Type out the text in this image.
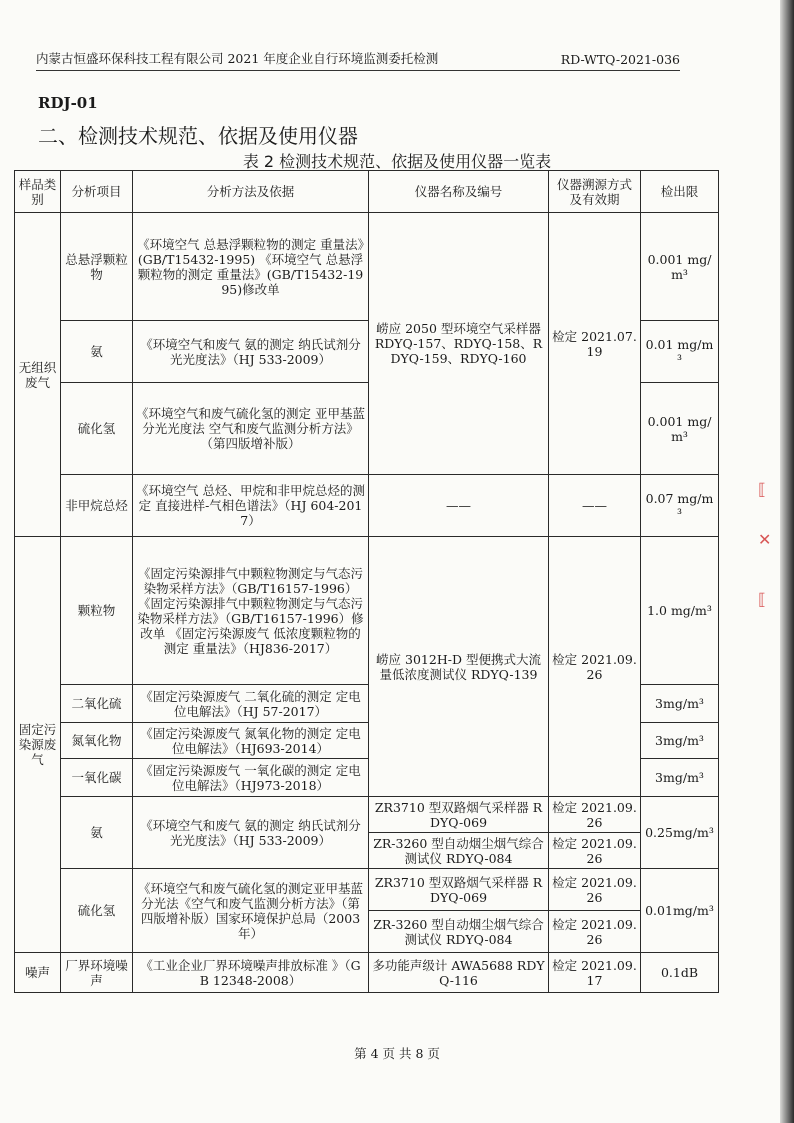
⟦
✕
⟦
内蒙古恒盛环保科技工程有限公司 2021 年度企业自行环境监测委托检测	RD-WTQ-2021-036
RDJ-01
二、检测技术规范、依据及使用仪器
表 2 检测技术规范、依据及使用仪器一览表
样品类别	分析项目	分析方法及依据	仪器名称及编号	仪器溯源方式及有效期	检出限
无组织废气	总悬浮颗粒物	《环境空气 总悬浮颗粒物的测定 重量法》(GB/T15432-1995) 《环境空气 总悬浮颗粒物的测定 重量法》(GB/T15432-1995)修改单	崂应 2050 型环境空气采样器 RDYQ-157、RDYQ-158、RDYQ-159、RDYQ-160	检定 2021.07.19	0.001 mg/m³
	氨	《环境空气和废气 氨的测定 纳氏试剂分光光度法》（HJ 533-2009）			0.01 mg/m³
	硫化氢	《环境空气和废气硫化氢的测定 亚甲基蓝分光光度法 空气和废气监测分析方法》（第四版增补版）			0.001 mg/m³
	非甲烷总烃	《环境空气 总烃、甲烷和非甲烷总烃的测定 直接进样-气相色谱法》（HJ 604-2017）	——	——	0.07 mg/m³
固定污染源废气	颗粒物	《固定污染源排气中颗粒物测定与气态污染物采样方法》（GB/T16157-1996） 《固定污染源排气中颗粒物测定与气态污染物采样方法》（GB/T16157-1996）修改单 《固定污染源废气 低浓度颗粒物的测定 重量法》（HJ836-2017）	崂应 3012H-D 型便携式大流量低浓度测试仪 RDYQ-139	检定 2021.09.26	1.0 mg/m³
	二氧化硫	《固定污染源废气 二氧化硫的测定 定电位电解法》（HJ 57-2017）			3mg/m³
	氮氧化物	《固定污染源废气 氮氧化物的测定 定电位电解法》（HJ693-2014）			3mg/m³
	一氧化碳	《固定污染源废气 一氧化碳的测定 定电位电解法》（HJ973-2018）			3mg/m³
	氨	《环境空气和废气 氨的测定 纳氏试剂分光光度法》（HJ 533-2009）	ZR3710 型双路烟气采样器 RDYQ-069	检定 2021.09.26	0.25mg/m³
			ZR-3260 型自动烟尘烟气综合测试仪 RDYQ-084	检定 2021.09.26	
	硫化氢	《环境空气和废气硫化氢的测定亚甲基蓝分光法《空气和废气监测分析方法》（第四版增补版）国家环境保护总局（2003 年）	ZR3710 型双路烟气采样器 RDYQ-069	检定 2021.09.26	0.01mg/m³
			ZR-3260 型自动烟尘烟气综合测试仪 RDYQ-084	检定 2021.09.26	
噪声	厂界环境噪声	《工业企业厂界环境噪声排放标准 》（GB 12348-2008）	多功能声级计 AWA5688 RDYQ-116	检定 2021.09.17	0.1dB
第 4 页 共 8 页
